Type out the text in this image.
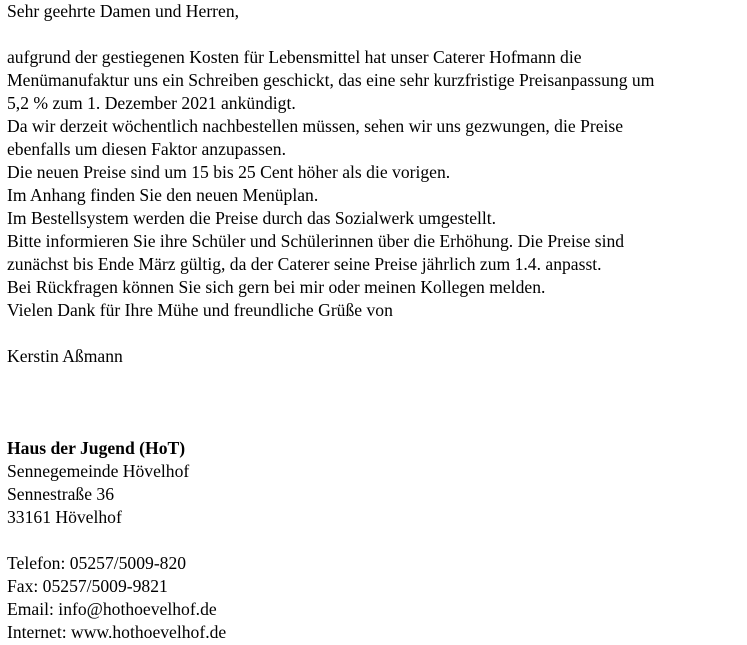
Sehr geehrte Damen und Herren,
aufgrund der gestiegenen Kosten für Lebensmittel hat unser Caterer Hofmann die
Menümanufaktur uns ein Schreiben geschickt, das eine sehr kurzfristige Preisanpassung um
5,2 % zum 1. Dezember 2021 ankündigt.
Da wir derzeit wöchentlich nachbestellen müssen, sehen wir uns gezwungen, die Preise
ebenfalls um diesen Faktor anzupassen.
Die neuen Preise sind um 15 bis 25 Cent höher als die vorigen.
Im Anhang finden Sie den neuen Menüplan.
Im Bestellsystem werden die Preise durch das Sozialwerk umgestellt.
Bitte informieren Sie ihre Schüler und Schülerinnen über die Erhöhung. Die Preise sind
zunächst bis Ende März gültig, da der Caterer seine Preise jährlich zum 1.4. anpasst.
Bei Rückfragen können Sie sich gern bei mir oder meinen Kollegen melden.
Vielen Dank für Ihre Mühe und freundliche Grüße von
Kerstin Aßmann
Haus der Jugend (HoT)
Sennegemeinde Hövelhof
Sennestraße 36
33161 Hövelhof
Telefon: 05257/5009-820
Fax: 05257/5009-9821
Email: info@hothoevelhof.de
Internet: www.hothoevelhof.de
